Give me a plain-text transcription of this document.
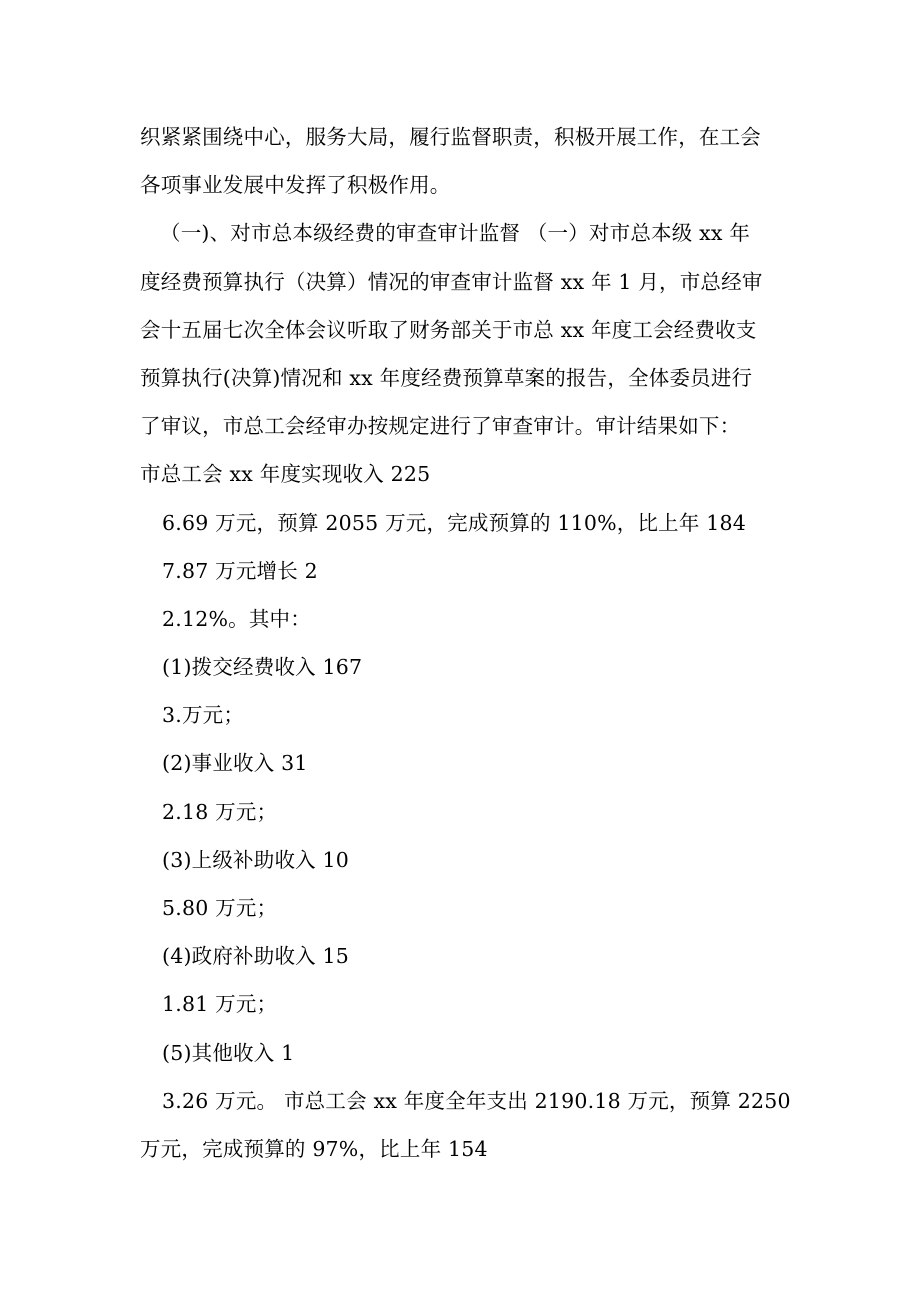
织紧紧围绕中心，服务大局，履行监督职责，积极开展工作，在工会
各项事业发展中发挥了积极作用。
（一)、对市总本级经费的审查审计监督 （一）对市总本级 xx 年
度经费预算执行（决算）情况的审查审计监督 xx 年 1 月，市总经审
会十五届七次全体会议听取了财务部关于市总 xx 年度工会经费收支
预算执行(决算)情况和 xx 年度经费预算草案的报告，全体委员进行
了审议，市总工会经审办按规定进行了审查审计。审计结果如下：
市总工会 xx 年度实现收入 225
6.69 万元，预算 2055 万元，完成预算的 110%，比上年 184
7.87 万元增长 2
2.12%。其中：
(1)拨交经费收入 167
3.万元；
(2)事业收入 31
2.18 万元；
(3)上级补助收入 10
5.80 万元；
(4)政府补助收入 15
1.81 万元；
(5)其他收入 1
3.26 万元。 市总工会 xx 年度全年支出 2190.18 万元，预算 2250
万元，完成预算的 97%，比上年 154
